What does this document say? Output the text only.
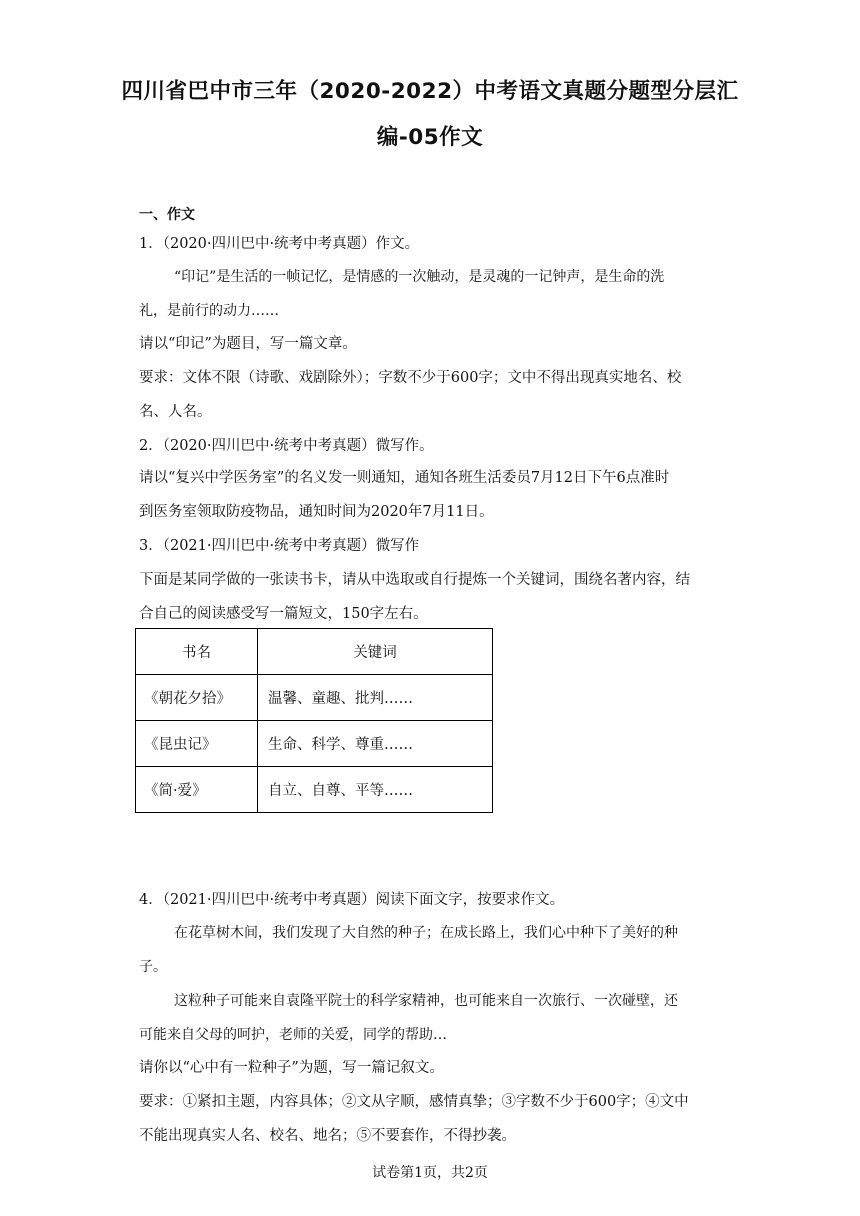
四川省巴中市三年（2020-2022）中考语文真题分题型分层汇
编-05作文
一、作文
1．（2020·四川巴中·统考中考真题）作文。
“印记”是生活的一帧记忆，是情感的一次触动，是灵魂的一记钟声，是生命的洗
礼，是前行的动力……
请以“印记”为题目，写一篇文章。
要求：文体不限（诗歌、戏剧除外）；字数不少于600字；文中不得出现真实地名、校
名、人名。
2．（2020·四川巴中·统考中考真题）微写作。
请以“复兴中学医务室”的名义发一则通知，通知各班生活委员7月12日下午6点准时
到医务室领取防疫物品，通知时间为2020年7月11日。
3．（2021·四川巴中·统考中考真题）微写作
下面是某同学做的一张读书卡，请从中选取或自行提炼一个关键词，围绕名著内容，结
合自己的阅读感受写一篇短文，150字左右。
书名	关键词
《朝花夕拾》	温馨、童趣、批判……
《昆虫记》	生命、科学、尊重……
《简·爱》	自立、自尊、平等……
4．（2021·四川巴中·统考中考真题）阅读下面文字，按要求作文。
在花草树木间，我们发现了大自然的种子；在成长路上，我们心中种下了美好的种
子。
这粒种子可能来自袁隆平院士的科学家精神，也可能来自一次旅行、一次碰壁，还
可能来自父母的呵护，老师的关爱，同学的帮助…
请你以“心中有一粒种子”为题，写一篇记叙文。
要求：①紧扣主题，内容具体；②文从字顺，感情真挚；③字数不少于600字；④文中
不能出现真实人名、校名、地名；⑤不要套作，不得抄袭。
试卷第1页，共2页
